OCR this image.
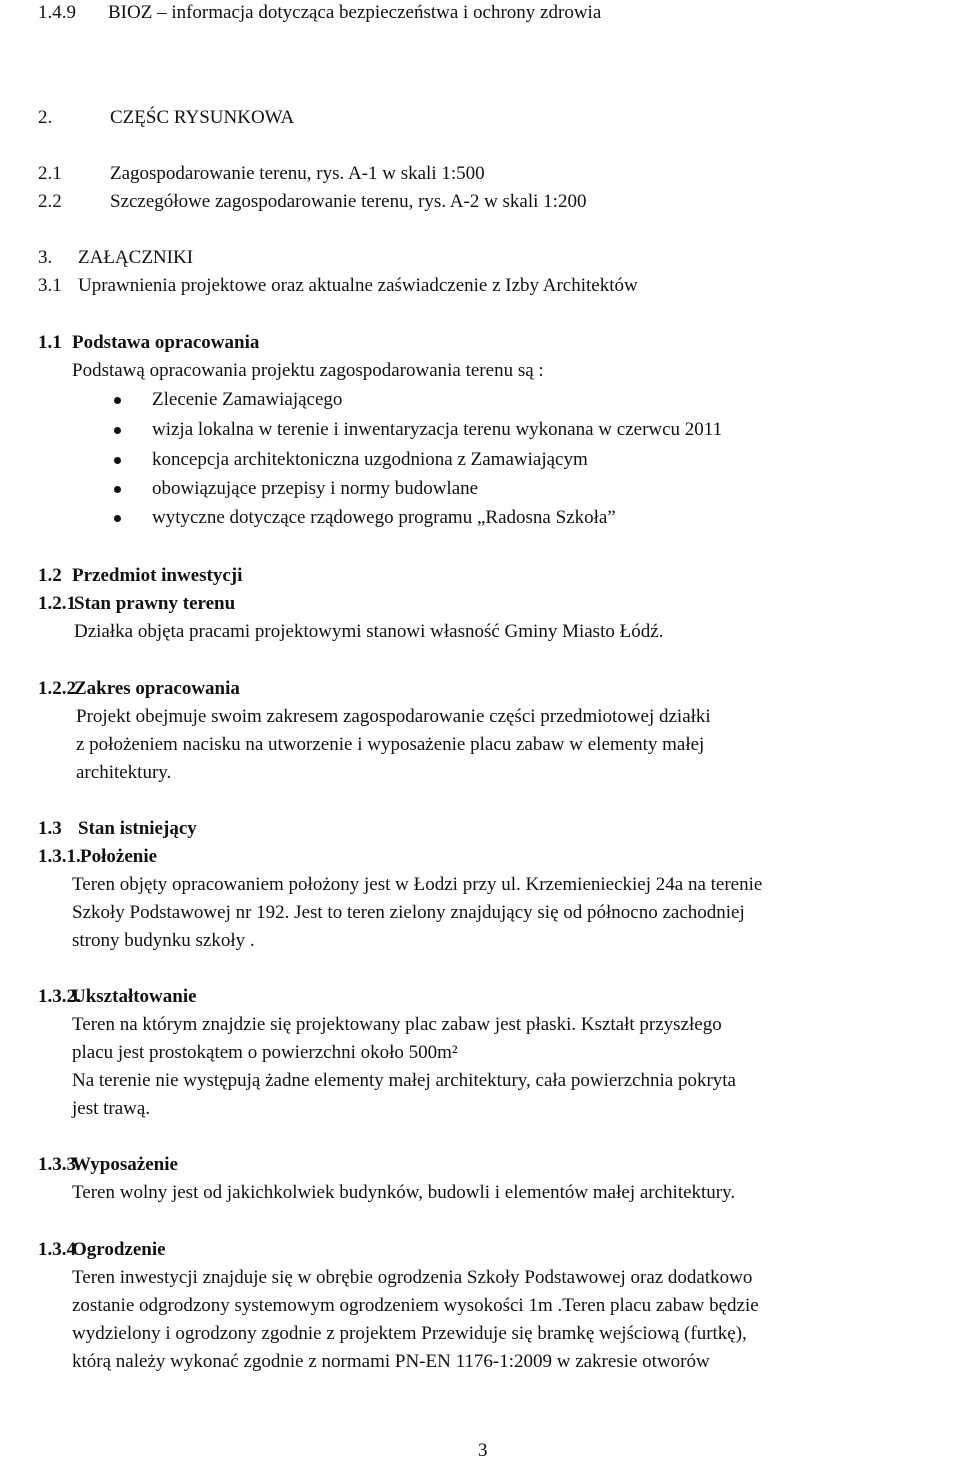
1.4.9 BIOZ – informacja dotycząca bezpieczeństwa i ochrony zdrowia
2.	CZĘŚC RYSUNKOWA
2.1	Zagospodarowanie terenu, rys. A-1 w skali 1:500
2.2	Szczegółowe zagospodarowanie terenu, rys. A-2 w skali 1:200
3. ZAŁĄCZNIKI
3.1 Uprawnienia projektowe oraz aktualne zaświadczenie z Izby Architektów
1.1 Podstawa opracowania
Podstawą opracowania projektu zagospodarowania terenu są :
Zlecenie Zamawiającego
wizja lokalna w terenie i inwentaryzacja terenu wykonana w czerwcu 2011
koncepcja architektoniczna uzgodniona z Zamawiającym
obowiązujące przepisy i normy budowlane
wytyczne dotyczące rządowego programu „Radosna Szkoła”
1.2 Przedmiot inwestycji
1.2.1
Stan prawny terenu
Działka objęta pracami projektowymi stanowi własność Gminy Miasto Łódź.
1.2.2
Zakres opracowania
Projekt obejmuje swoim zakresem zagospodarowanie części przedmiotowej działki
z położeniem nacisku na utworzenie i wyposażenie placu zabaw w elementy małej
architektury.
1.3 Stan istniejący
1.3.1. Położenie
Teren objęty opracowaniem położony jest w Łodzi przy ul. Krzemienieckiej 24a na terenie
Szkoły Podstawowej nr 192. Jest to teren zielony znajdujący się od północno zachodniej
strony budynku szkoły .
1.3.2.
Ukształtowanie
Teren na którym znajdzie się projektowany plac zabaw jest płaski. Kształt przyszłego
placu jest prostokątem o powierzchni około 500m²
Na terenie nie występują żadne elementy małej architektury, cała powierzchnia pokryta
jest trawą.
1.3.3.
Wyposażenie
Teren wolny jest od jakichkolwiek budynków, budowli i elementów małej architektury.
1.3.4
Ogrodzenie
Teren inwestycji znajduje się w obrębie ogrodzenia Szkoły Podstawowej oraz dodatkowo
zostanie odgrodzony systemowym ogrodzeniem wysokości 1m .Teren placu zabaw będzie
wydzielony i ogrodzony zgodnie z projektem Przewiduje się bramkę wejściową (furtkę),
którą należy wykonać zgodnie z normami PN-EN 1176-1:2009 w zakresie otworów
3
